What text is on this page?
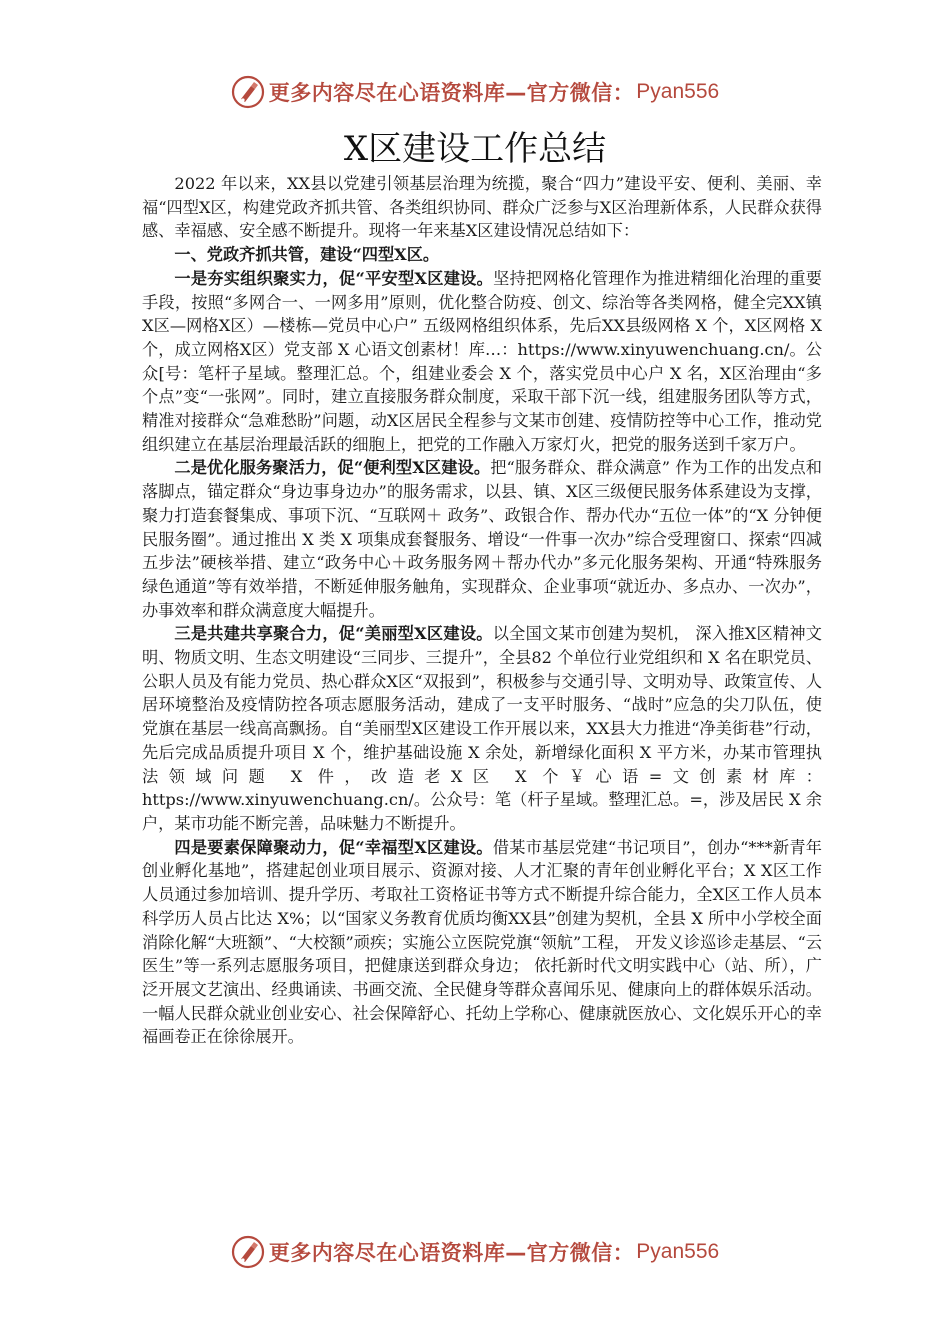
更多内容尽在心语资料库—官方微信： Pyan556
X区建设工作总结

2022 年以来，XX县以党建引领基层治理为统揽，聚合“四力”建设平安、便利、美丽、幸福“四型X区，构建党政齐抓共管、各类组织协同、群众广泛参与X区治理新体系，人民群众获得感、幸福感、安全感不断提升。现将一年来基X区建设情况总结如下：

一、党政齐抓共管，建设“四型X区。

一是夯实组织聚实力，促“平安型X区建设。坚持把网格化管理作为推进精细化治理的重要手段，按照“多网合一、一网多用”原则，优化整合防疫、创文、综治等各类网格，健全完XX镇X区—网格X区）—楼栋—党员中心户” 五级网格组织体系，先后XX县级网格 X 个，X区网格 X 个，成立网格X区）党支部 X 心语文创素材！库…：https://www.xinyuwenchuang.cn/。公众[号：笔杆子星域。整理汇总。个，组建业委会 X 个，落实党员中心户 X 名，X区治理由“多个点”变“一张网”。同时，建立直接服务群众制度，采取干部下沉一线，组建服务团队等方式，精准对接群众“急难愁盼”问题，动X区居民全程参与文某市创建、疫情防控等中心工作，推动党组织建立在基层治理最活跃的细胞上，把党的工作融入万家灯火，把党的服务送到千家万户。

二是优化服务聚活力，促“便利型X区建设。把“服务群众、群众满意” 作为工作的出发点和落脚点，锚定群众“身边事身边办”的服务需求，以县、镇、X区三级便民服务体系建设为支撑，聚力打造套餐集成、事项下沉、“互联网＋ 政务”、政银合作、帮办代办“五位一体”的“X 分钟便民服务圈”。通过推出 X 类 X 项集成套餐服务、增设“一件事一次办”综合受理窗口、探索“四减五步法”硬核举措、建立“政务中心＋政务服务网＋帮办代办”多元化服务架构、开通“特殊服务绿色通道”等有效举措，不断延伸服务触角，实现群众、企业事项“就近办、多点办、一次办”，办事效率和群众满意度大幅提升。

三是共建共享聚合力，促“美丽型X区建设。以全国文某市创建为契机， 深入推X区精神文明、物质文明、生态文明建设“三同步、三提升”，全县82 个单位行业党组织和 X 名在职党员、公职人员及有能力党员、热心群众X区“双报到”，积极参与交通引导、文明劝导、政策宣传、人居环境整治及疫情防控各项志愿服务活动，建成了一支平时服务、“战时”应急的尖刀队伍，使党旗在基层一线高高飘扬。自“美丽型X区建设工作开展以来，XX县大力推进“净美街巷”行动，先后完成品质提升项目 X 个，维护基础设施 X 余处，新增绿化面积 X 平方米，办某市管理执法领域问题 X 件，改造老X区 X 个￥心语=文创素材库：https://www.xinyuwenchuang.cn/。公众号：笔（杆子星域。整理汇总。=，涉及居民 X 余户，某市功能不断完善，品味魅力不断提升。

四是要素保障聚动力，促“幸福型X区建设。借某市基层党建“书记项目”，创办“***新青年创业孵化基地”，搭建起创业项目展示、资源对接、人才汇聚的青年创业孵化平台；X X区工作人员通过参加培训、提升学历、考取社工资格证书等方式不断提升综合能力，全X区工作人员本科学历人员占比达 X%；以“国家义务教育优质均衡XX县”创建为契机，全县 X 所中小学校全面消除化解“大班额”、“大校额”顽疾；实施公立医院党旗“领航”工程， 开发义诊巡诊走基层、“云医生”等一系列志愿服务项目，把健康送到群众身边； 依托新时代文明实践中心（站、所），广泛开展文艺演出、经典诵读、书画交流、全民健身等群众喜闻乐见、健康向上的群体娱乐活动。一幅人民群众就业创业安心、社会保障舒心、托幼上学称心、健康就医放心、文化娱乐开心的幸福画卷正在徐徐展开。

更多内容尽在心语资料库—官方微信： Pyan556
